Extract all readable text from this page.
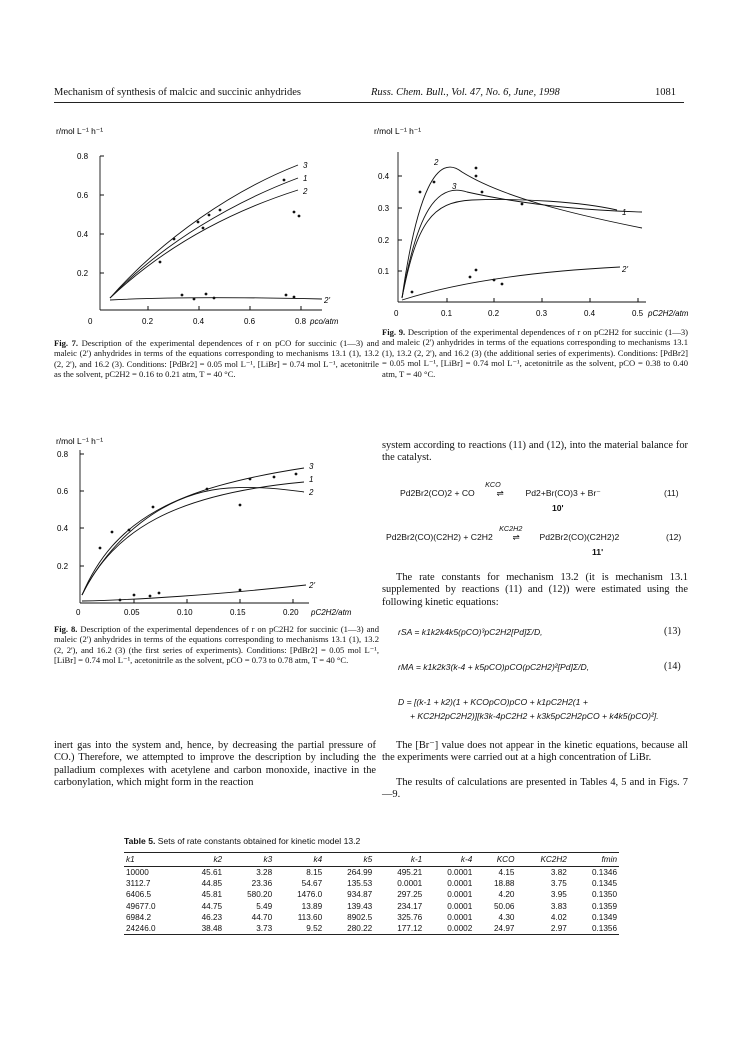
Mechanism of synthesis of malcic and succinic anhydrides	Russ. Chem. Bull., Vol. 47, No. 6, June, 1998	1081
r/mol L⁻¹ h⁻¹
0.8
0.6
0.4
0.2
0	0.2	0.4	0.6	0.8 pco/atm
3
1
2
2'
Fig. 7. Description of the experimental dependences of r on pCO for succinic (1—3) and maleic (2') anhydrides in terms of the equations corresponding to mechanisms 13.1 (1), 13.2 (2, 2'), and 16.2 (3). Conditions: [PdBr2] = 0.05 mol L⁻¹, [LiBr] = 0.74 mol L⁻¹, acetonitrile as the solvent, pC2H2 = 0.16 to 0.21 atm, T = 40 °C.
r/mol L⁻¹ h⁻¹
0.4
0.3
0.2
0.1
0	0.1	0.2	0.3	0.4	0.5 pC2H2/atm
2
3
1
2'
Fig. 9. Description of the experimental dependences of r on pC2H2 for succinic (1—3) and maleic (2') anhydrides in terms of the equations corresponding to mechanisms 13.1 (1), 13.2 (2, 2'), and 16.2 (3) (the additional series of experiments). Conditions: [PdBr2] = 0.05 mol L⁻¹, [LiBr] = 0.74 mol L⁻¹, acetonitrile as the solvent, pCO = 0.38 to 0.40 atm, T = 40 °C.
r/mol L⁻¹ h⁻¹
0.8
0.6
0.4
0.2
0	0.05	0.10	0.15	0.20 pC2H2/atm
3
1
2
2'
Fig. 8. Description of the experimental dependences of r on pC2H2 for succinic (1—3) and maleic (2') anhydrides in terms of the equations corresponding to mechanisms 13.1 (1), 13.2 (2, 2'), and 16.2 (3) (the first series of experiments). Conditions: [PdBr2] = 0.05 mol L⁻¹, [LiBr] = 0.74 mol L⁻¹, acetonitrile as the solvent, pCO = 0.73 to 0.78 atm, T = 40 °C.
system according to reactions (11) and (12), into the material balance for the catalyst.
Pd2Br2(CO)2 + CO
KCO
⇌	Pd2+Br(CO)3 + Br⁻	(11)
10'
Pd2Br2(CO)(C2H2) + C2H2
KC2H2
⇌ Pd2Br2(CO)(C2H2)2	(12)
11'
The rate constants for mechanism 13.2 (it is mechanism 13.1 supplemented by reactions (11) and (12)) were estimated using the following kinetic equations:
rSA = k1k2k4k5(pCO)³pC2H2[Pd]Σ/D,	(13)
rMA = k1k2k3(k-4 + k5pCO)pCO(pC2H2)²[Pd]Σ/D,	(14)
D = [(k-1 + k2)(1 + KCOpCO)pCO + k1pC2H2(1 +
+ KC2H2pC2H2)][k3k-4pC2H2 + k3k5pC2H2pCO + k4k5(pCO)²].
inert gas into the system and, hence, by decreasing the partial pressure of CO.) Therefore, we attempted to improve the description by including the palladium complexes with acetylene and carbon monoxide, inactive in the carbonylation, which might form in the reaction
The [Br⁻] value does not appear in the kinetic equations, because all the experiments were carried out at a high concentration of LiBr.
The results of calculations are presented in Tables 4, 5 and in Figs. 7—9.
Table 5. Sets of rate constants obtained for kinetic model 13.2
k1	k2	k3	k4	k5	k-1	k-4	KCO	KC2H2	fmin
10000	45.61	3.28	8.15	264.99	495.21	0.0001	4.15	3.82	0.1346
3112.7	44.85	23.36	54.67	135.53	0.0001	0.0001	18.88	3.75	0.1345
6406.5	45.81	580.20	1476.0	934.87	297.25	0.0001	4.20	3.95	0.1350
49677.0	44.75	5.49	13.89	139.43	234.17	0.0001	50.06	3.83	0.1359
6984.2	46.23	44.70	113.60	8902.5	325.76	0.0001	4.30	4.02	0.1349
24246.0	38.48	3.73	9.52	280.22	177.12	0.0002	24.97	2.97	0.1356
